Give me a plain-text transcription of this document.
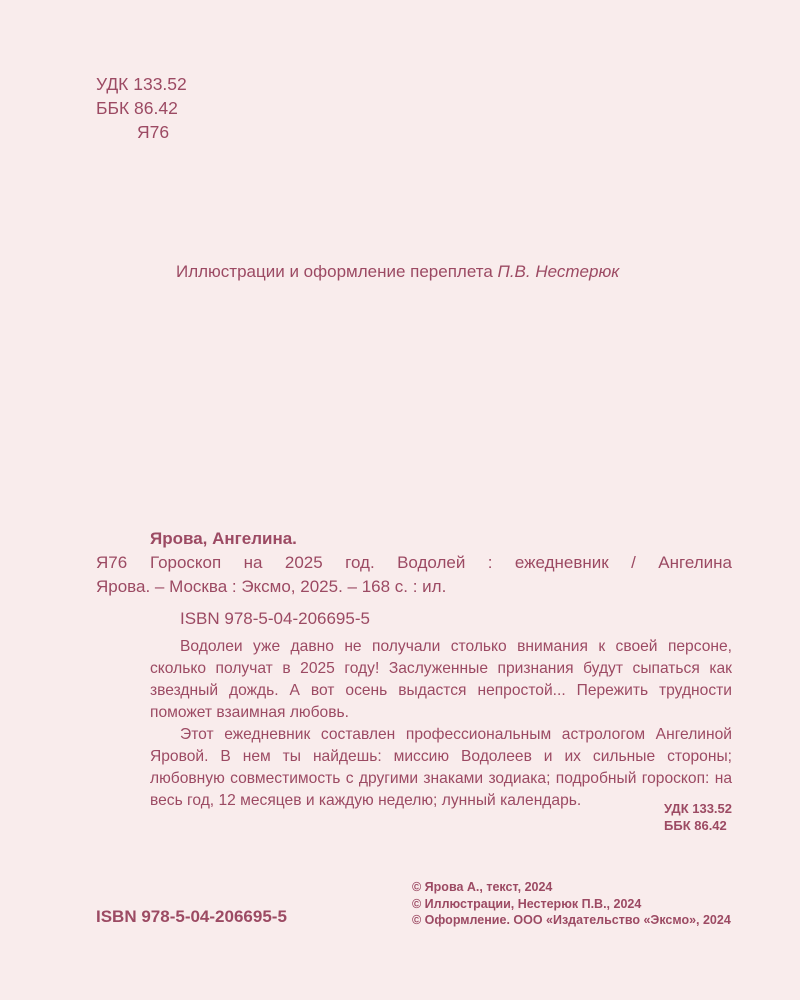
УДК 133.52
ББК 86.42
Я76
Иллюстрации и оформление переплета П.В. Нестерюк
Ярова, Ангелина.
Я76 Гороскоп на 2025 год. Водолей : ежедневник / Ангелина
Ярова. – Москва : Эксмо, 2025. – 168 с. : ил.
ISBN 978-5-04-206695-5

Водолеи уже давно не получали столько внимания к своей персоне, сколько получат в 2025 году! Заслуженные признания будут сыпаться как звездный дождь. А вот осень выдастся непростой... Пережить трудности поможет взаимная любовь.

Этот ежедневник составлен профессиональным астрологом Ангелиной Яровой. В нем ты найдешь: миссию Водолеев и их сильные стороны; любовную совместимость с другими знаками зодиака; подробный гороскоп: на весь год, 12 месяцев и каждую неделю; лунный календарь.	УДК 133.52
ББК 86.42
ISBN 978-5-04-206695-5
© Ярова А., текст, 2024
© Иллюстрации, Нестерюк П.В., 2024
© Оформление. ООО «Издательство «Эксмо», 2024
